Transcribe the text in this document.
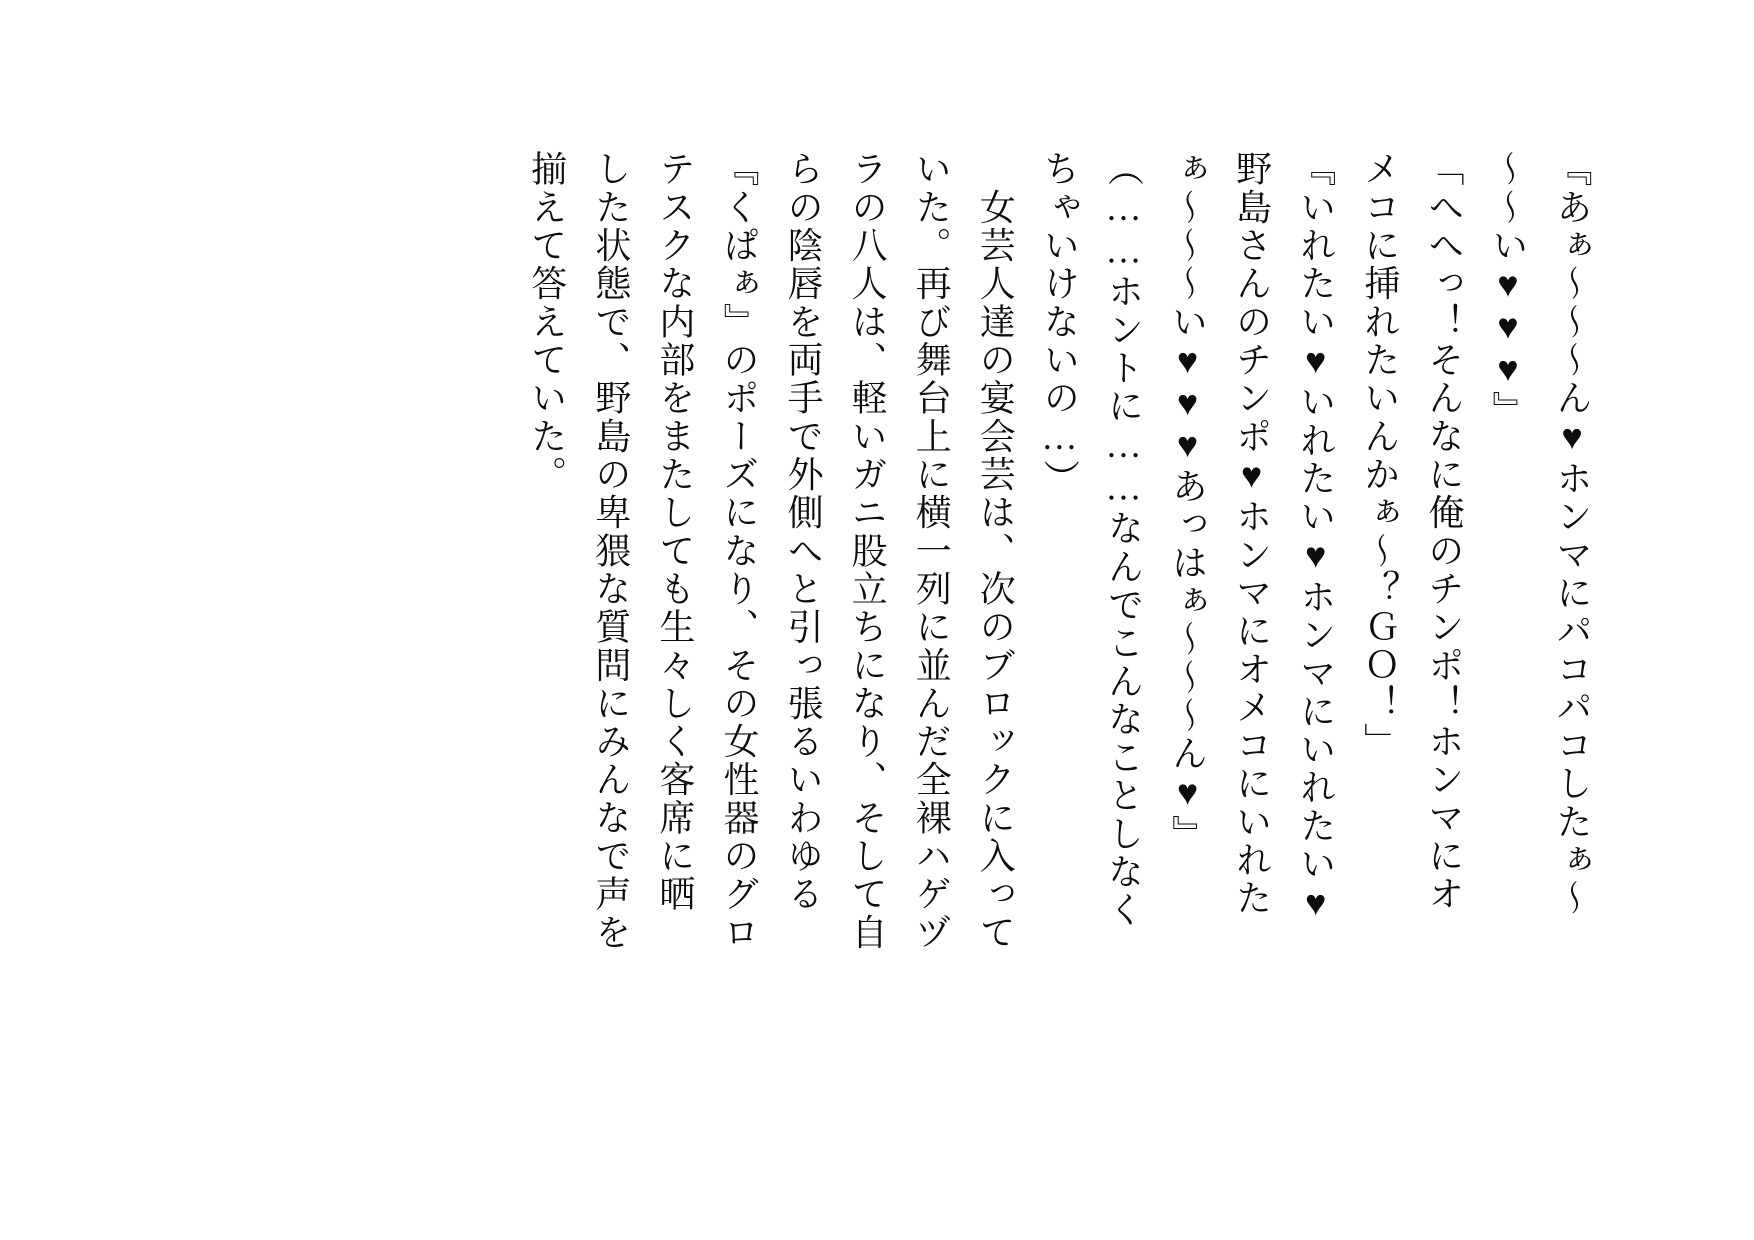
『あぁ～～～ん♥ホンマにパコパコしたぁ～
～～い♥♥♥』
「へへっ！そんなに俺のチンポ！ホンマにオ
メコに挿れたいんかぁ～？ＧＯ！」
『いれたい♥いれたい♥ホンマにいれたい♥
野島さんのチンポ♥ホンマにオメコにいれた
ぁ～～～い♥♥♥あっはぁ～～～ん♥』
（……ホントに……なんでこんなことしなく
ちゃいけないの…）
　女芸人達の宴会芸は、次のブロックに入って
いた。再び舞台上に横一列に並んだ全裸ハゲヅ
ラの八人は、軽いガニ股立ちになり、そして自
らの陰唇を両手で外側へと引っ張るいわゆる
『くぱぁ』のポーズになり、その女性器のグロ
テスクな内部をまたしても生々しく客席に晒
した状態で、野島の卑猥な質問にみんなで声を
揃えて答えていた。
